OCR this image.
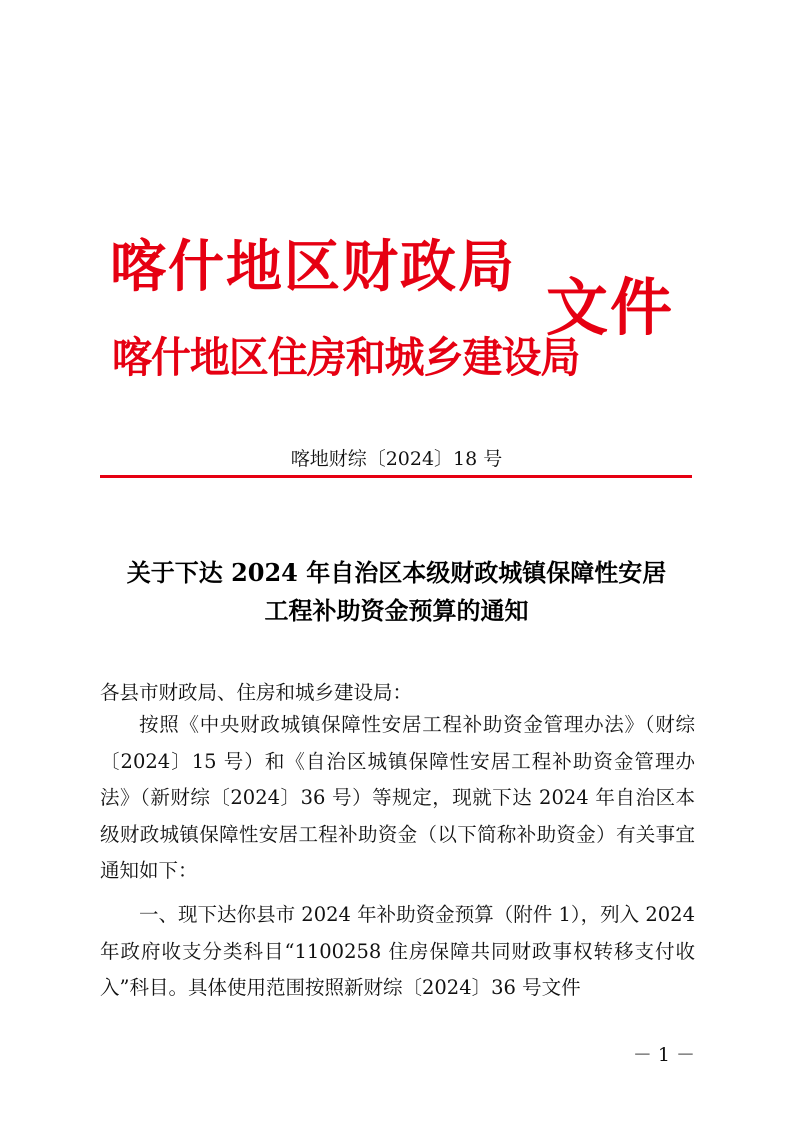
喀什地区财政局
喀什地区住房和城乡建设局
文件
喀地财综〔2024〕18 号
关于下达 2024 年自治区本级财政城镇保障性安居
工程补助资金预算的通知
各县市财政局、住房和城乡建设局：
按照《中央财政城镇保障性安居工程补助资金管理办法》（财综〔2024〕15 号）和《自治区城镇保障性安居工程补助资金管理办法》（新财综〔2024〕36 号）等规定，现就下达 2024 年自治区本级财政城镇保障性安居工程补助资金（以下简称补助资金）有关事宜通知如下：
一、现下达你县市 2024 年补助资金预算（附件 1），列入 2024 年政府收支分类科目“1100258 住房保障共同财政事权转移支付收入”科目。具体使用范围按照新财综〔2024〕36 号文件
－ 1 －
